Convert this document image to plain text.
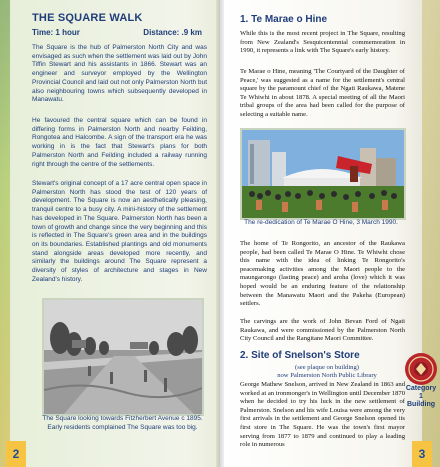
THE SQUARE WALK
Time: 1 hour	Distance: .9 km

The Square is the hub of Palmerston North City and was envisaged as such when the settlement was laid out by John Tiffin Stewart and his assistants in 1866. Stewart was an engineer and surveyor employed by the Wellington Provincial Council and laid out not only Palmerston North but also neighbouring towns which subsequently developed in Manawatu.

He favoured the central square which can be found in differing forms in Palmerston North and nearby Feilding, Rongotea and Halcombe. A sign of the transport era he was working in is the fact that Stewart's plans for both Palmerston North and Feilding included a railway running right through the centre of the settlements.

Stewart's original concept of a 17 acre central open space in Palmerston North has stood the test of 120 years of development. The Square is now an aesthetically pleasing, tranquil centre to a busy city. A mini-history of the settlement has developed in The Square. Palmerston North has been a town of growth and change since the very beginning and this is reflected in The Square's green area and in the buildings on its boundaries. Established plantings and old monuments stand alongside areas developed more recently, and similarly the buildings around The Square represent a diversity of styles of architecture and stages in New Zealand's history.

The Square looking towards Fitzherbert Avenue c 1895. Early residents complained The Square was too big.

2
1. Te Marae o Hine

While this is the most recent project in The Square, resulting from New Zealand's Sesquicentennial commemoration in 1990, it represents a link with The Square's early history.

Te Marae o Hine, meaning 'The Courtyard of the Daughter of Peace,' was suggested as a name for the settlement's central square by the paramount chief of the Ngati Raukawa, Matene Te Whiwhi in about 1878. A special meeting of all the Maori tribal groups of the area had been called for the purpose of selecting a suitable name.

The re-dedication of Te Marae O Hine, 3 March 1990.

The home of Te Rongorito, an ancestor of the Raukawa people, had been called Te Marae O Hine. Te Whiwhi chose this name with the idea of linking Te Rongorito's peacemaking activities among the Maori people to the maungarongo (lasting peace) and aroha (love) which it was hoped would be an enduring feature of the relationship between the Manawatu Maori and the Pakeha (European) settlers.

The carvings are the work of John Bevan Ford of Ngati Raukawa, and were commissioned by the Palmerston North City Council and the Rangitane Maori Committee.

2. Site of Snelson's Store
(see plaque on building)
now Palmerston North Public Library

George Mathew Snelson, arrived in New Zealand in 1863 and worked at an ironmonger's in Wellington until December 1870 when he decided to try his luck in the new settlement of Palmerston. Snelson and his wife Louisa were among the very first arrivals in the settlement and George Snelson opened its first store in The Square. He was the town's first mayor serving from 1877 to 1879 and continued to play a leading role in numerous

Category
1
Building
3
